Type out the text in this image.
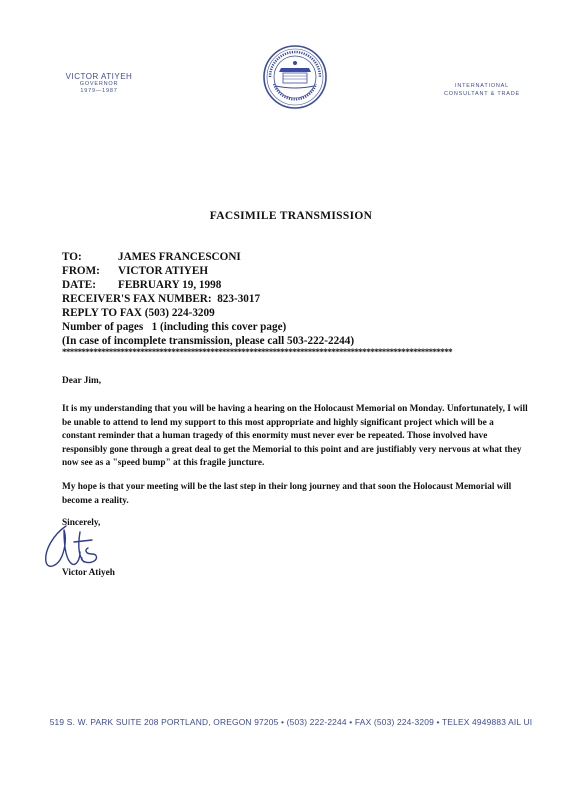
VICTOR ATIYEH
GOVERNOR
1979—1987
INTERNATIONAL
CONSULTANT & TRADE
FACSIMILE TRANSMISSION
TO:	JAMES FRANCESCONI
FROM: VICTOR ATIYEH
DATE: FEBRUARY 19, 1998
RECEIVER'S FAX NUMBER: 823-3017
REPLY TO FAX (503) 224-3209
Number of pages 1 (including this cover page)
(In case of incomplete transmission, please call 503-222-2244)
****************************************************************************************************
Dear Jim,
It is my understanding that you will be having a hearing on the Holocaust Memorial on Monday. Unfortunately, I will be unable to attend to lend my support to this most appropriate and highly significant project which will be a constant reminder that a human tragedy of this enormity must never ever be repeated. Those involved have responsibly gone through a great deal to get the Memorial to this point and are justifiably very nervous at what they now see as a "speed bump" at this fragile juncture.
My hope is that your meeting will be the last step in their long journey and that soon the Holocaust Memorial will become a reality.
Sincerely,
Victor Atiyeh
519 S. W. PARK SUITE 208 PORTLAND, OREGON 97205 • (503) 222-2244 • FAX (503) 224-3209 • TELEX 4949883 AIL UI
